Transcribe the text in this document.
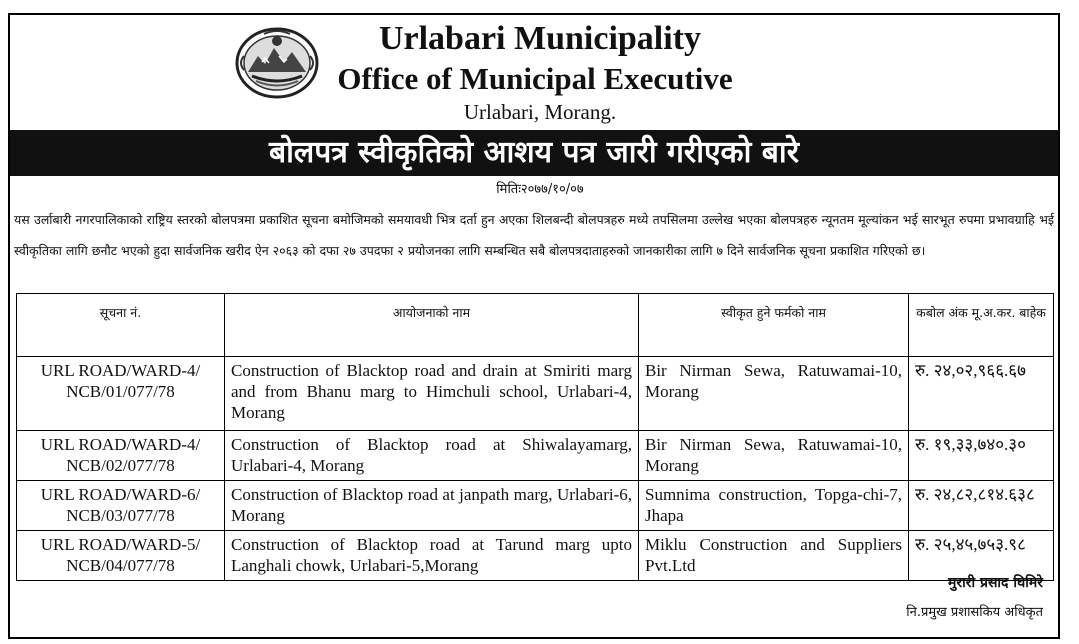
Urlabari Municipality
Office of Municipal Executive
Urlabari, Morang.
बोलपत्र स्वीकृतिको आशय पत्र जारी गरीएको बारे
मितिः२०७७/१०/०७
यस उर्लाबारी नगरपालिकाको राष्ट्रिय स्तरको बोलपत्रमा प्रकाशित सूचना बमोजिमको समयावधी भित्र दर्ता हुन अएका शिलबन्दी बोलपत्रहरु मध्ये तपसिलमा उल्लेख भएका बोलपत्रहरु न्यूनतम मूल्यांकन भई सारभूत रुपमा प्रभावग्राहि भई स्वीकृतिका लागि छनौट भएको हुदा सार्वजनिक खरीद ऐन २०६३ को दफा २७ उपदफा २ प्रयोजनका लागि सम्बन्धित सबै बोलपत्रदाताहरुको जानकारीका लागि ७ दिने सार्वजनिक सूचना प्रकाशित गरिएको छ।
सूचना नं.	आयोजनाको नाम	स्वीकृत हुने फर्मको नाम	कबोल अंक मू.अ.कर. बाहेक
URL ROAD/WARD-4/ NCB/01/077/78	Construction of Blacktop road and drain at Smiriti marg and from Bhanu marg to Himchuli school, Urlabari-4, Morang	Bir Nirman Sewa, Ratuwamai-10, Morang	रु. २४,०२,९६६.६७
URL ROAD/WARD-4/ NCB/02/077/78	Construction of Blacktop road at Shiwalayamarg, Urlabari-4, Morang	Bir Nirman Sewa, Ratuwamai-10, Morang	रु. १९,३३,७४०.३०
URL ROAD/WARD-6/ NCB/03/077/78	Construction of Blacktop road at janpath marg, Urlabari-6, Morang	Sumnima construction, Topga-chi-7, Jhapa	रु. २४,८२,८१४.६३८
URL ROAD/WARD-5/ NCB/04/077/78	Construction of Blacktop road at Tarund marg upto Langhali chowk, Urlabari-5,Morang	Miklu Construction and Suppliers Pvt.Ltd	रु. २५,४५,७५३.९८
मुरारी प्रसाद घिमिरे
नि.प्रमुख प्रशासकिय अधिकृत
